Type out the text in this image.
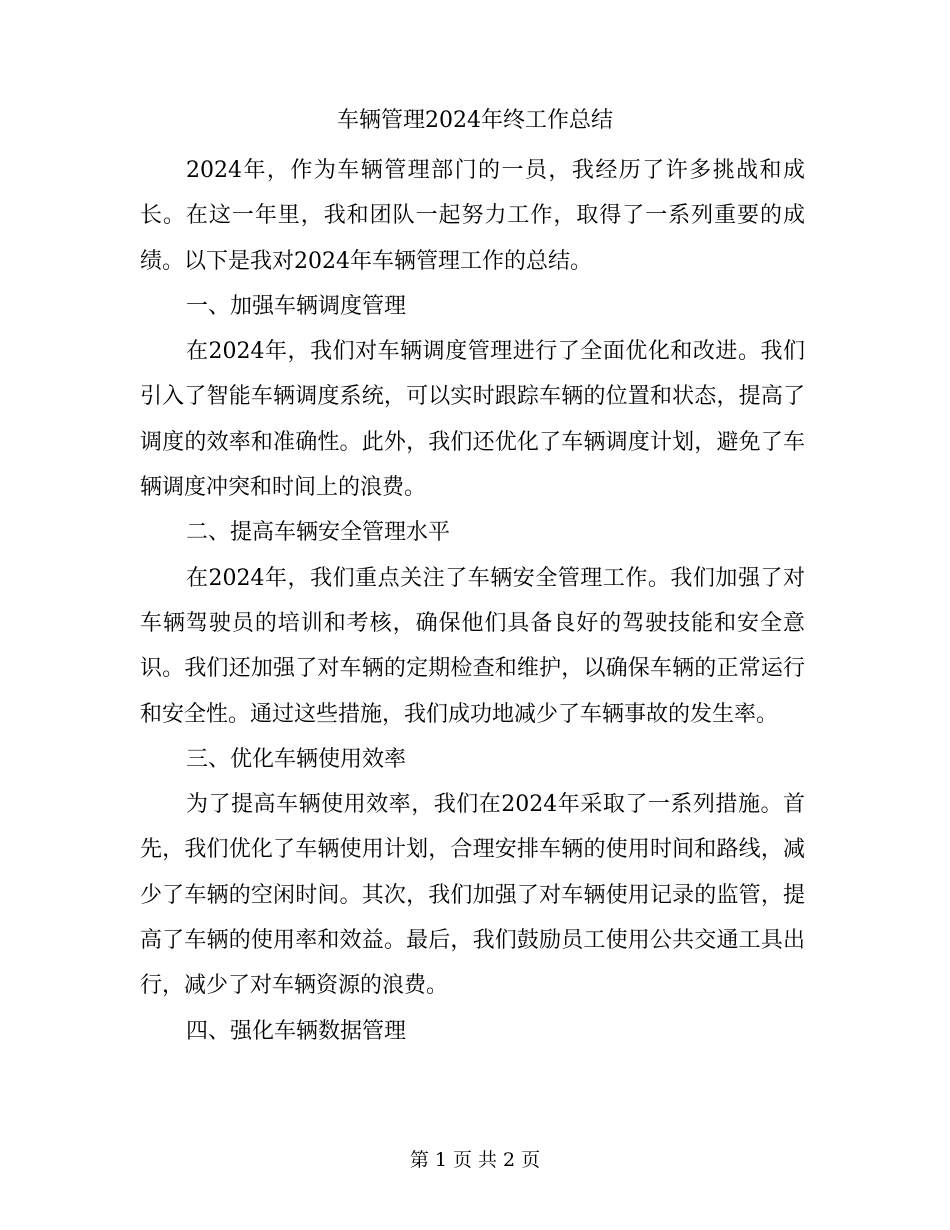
车辆管理2024年终工作总结

2024年，作为车辆管理部门的一员，我经历了许多挑战和成长。在这一年里，我和团队一起努力工作，取得了一系列重要的成绩。以下是我对2024年车辆管理工作的总结。

一、加强车辆调度管理

在2024年，我们对车辆调度管理进行了全面优化和改进。我们引入了智能车辆调度系统，可以实时跟踪车辆的位置和状态，提高了调度的效率和准确性。此外，我们还优化了车辆调度计划，避免了车辆调度冲突和时间上的浪费。

二、提高车辆安全管理水平

在2024年，我们重点关注了车辆安全管理工作。我们加强了对车辆驾驶员的培训和考核，确保他们具备良好的驾驶技能和安全意识。我们还加强了对车辆的定期检查和维护，以确保车辆的正常运行和安全性。通过这些措施，我们成功地减少了车辆事故的发生率。

三、优化车辆使用效率

为了提高车辆使用效率，我们在2024年采取了一系列措施。首先，我们优化了车辆使用计划，合理安排车辆的使用时间和路线，减少了车辆的空闲时间。其次，我们加强了对车辆使用记录的监管，提高了车辆的使用率和效益。最后，我们鼓励员工使用公共交通工具出行，减少了对车辆资源的浪费。

四、强化车辆数据管理

第 1 页 共 2 页
